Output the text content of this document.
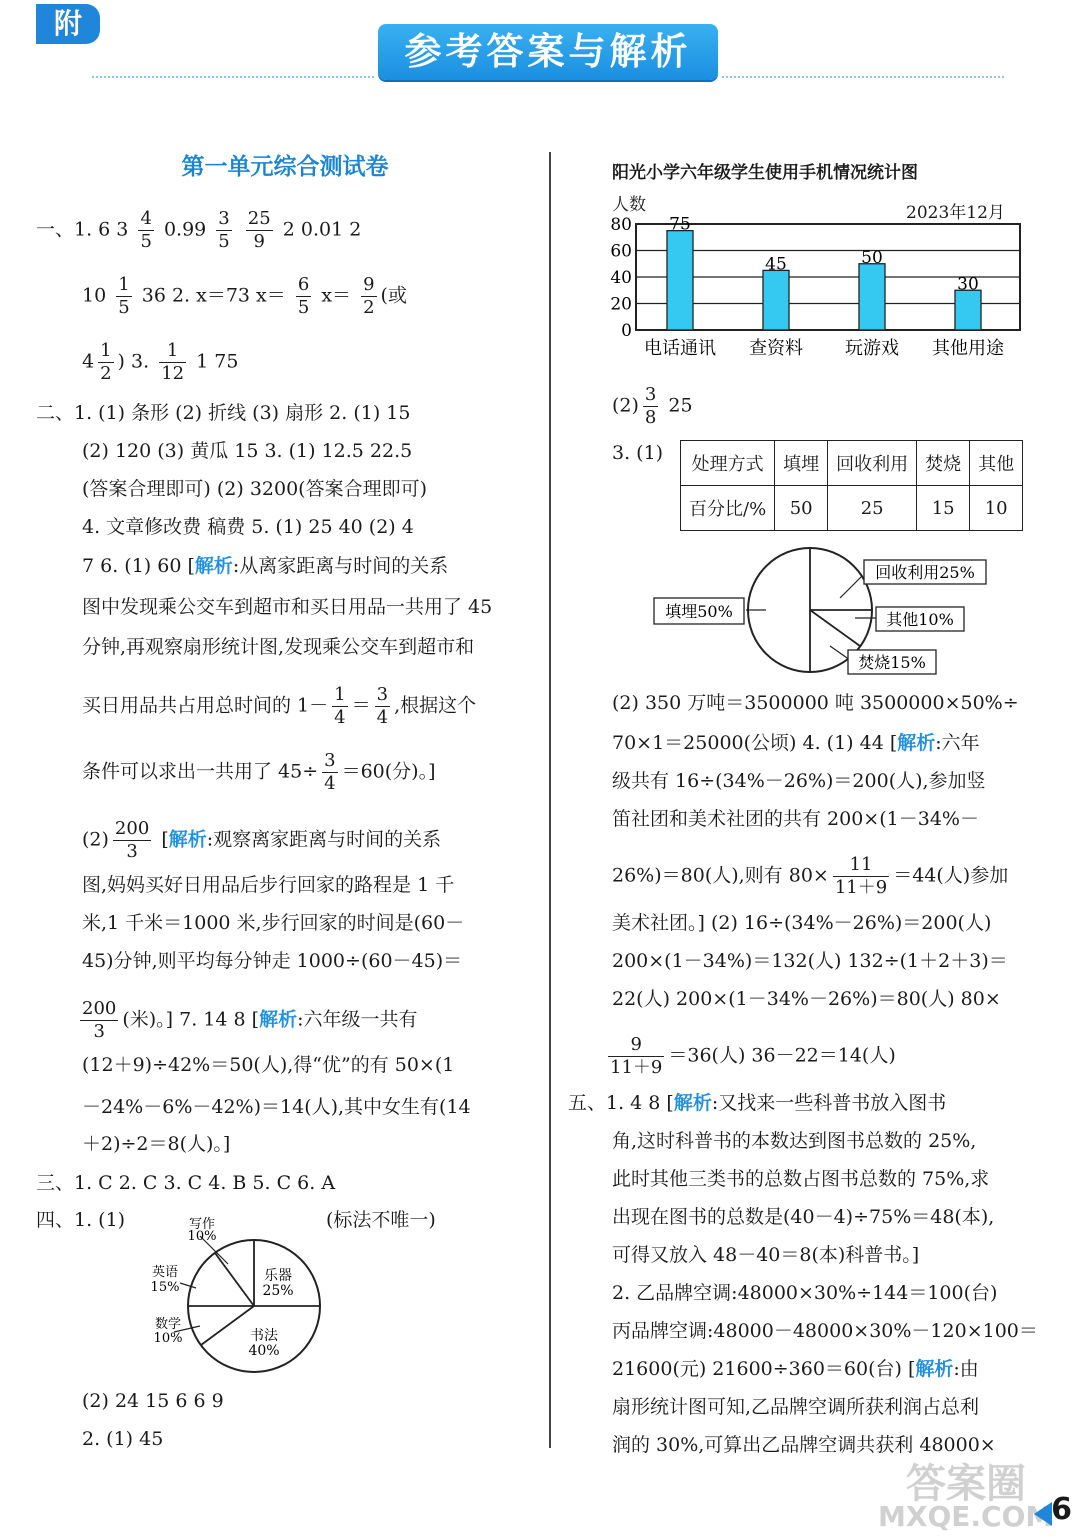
附
参考答案与解析
第一单元综合测试卷
一、1. 6 $3 \frac{4}{5} 0.99 \frac{3}{5}$
$\frac{25}{9} 2$ 0.01 2
$10 \frac{1}{5} 36$ 2. x＝73 $x= \frac{6}{5} x= \frac{9}{2}$ (或
$4 \frac{1}{2}$ ) 3. $\frac{1}{12} 1$ 75
二、1. (1) 条形 (2) 折线 (3) 扇形 2. (1) 15
(2) 120 (3) 黄瓜 15 3. (1) 12.5 22.5
(答案合理即可) (2) 3200(答案合理即可)
4. 文章修改费 稿费 5. (1) 25 40 (2) 4
7 6. (1) 60 [解析:从离家距离与时间的关系
图中发现乘公交车到超市和买日用品一共用了 45
分钟,再观察扇形统计图,发现乘公交车到超市和
买日用品共占用总时间的 $1- \frac{1}{4} = \frac{3}{4}$ ,根据这个
条件可以求出一共用了 $45\div \frac{3}{4} =60$(分)。]
$(2) \frac{200}{3}$ [解析:观察离家距离与时间的关系
图,妈妈买好日用品后步行回家的路程是 1 千
米,1 千米＝1000 米,步行回家的时间是(60－
45)分钟,则平均每分钟走 1000÷(60－45)＝
$\frac{200}{3}$ (米)。] 7. 14 8 [解析:六年级一共有
(12＋9)÷42%＝50(人),得“优”的有 50×(1
－24%－6%－42%)＝14(人),其中女生有(14
＋2)÷2＝8(人)。]
三、1. C 2. C 3. C 4. B 5. C 6. A
四、1. (1)	(标法不唯一)
写作
10%
乐器
25%
英语
15%
数学
10%	书法
40%
(2) 24 15 6 6 9
2. (1) 45
阳光小学六年级学生使用手机情况统计图
人数	2023年12月
0
20
40
60
80 75
45	50
30
电话通讯 查资料 玩游戏 其他用途
$(2) \frac{3}{8} 25$
3. (1)
处理方式	填埋	回收利用	焚烧	其他
百分比/%	50	25	15	10
回收利用25%
填埋50%	其他10%
焚烧15%
(2) 350 万吨＝3500000 吨 3500000×50%÷
70×1＝25000(公顷) 4. (1) 44 [解析:六年
级共有 16÷(34%－26%)＝200(人),参加竖
笛社团和美术社团的共有 200×(1－34%－
26%)＝80(人),则有 $80\times \frac{11}{11+9} =44$(人)参加
美术社团。] (2) 16÷(34%－26%)＝200(人)
200×(1－34%)＝132(人) 132÷(1＋2＋3)＝
22(人) 200×(1－34%－26%)＝80(人) 80×
$\frac{9}{11+9} =36$(人) 36－22＝14(人)
五、1. 4 8 [解析:又找来一些科普书放入图书
角,这时科普书的本数达到图书总数的 25%,
此时其他三类书的总数占图书总数的 75%,求
出现在图书的总数是(40－4)÷75%＝48(本),
可得又放入 48－40＝8(本)科普书。]
2. 乙品牌空调:48000×30%÷144＝100(台)
丙品牌空调:48000－48000×30%－120×100＝
21600(元) 21600÷360＝60(台) [解析:由
扇形统计图可知,乙品牌空调所获利润占总利
润的 30%,可算出乙品牌空调共获利 48000×
答案圈
MXQE.COM
6
